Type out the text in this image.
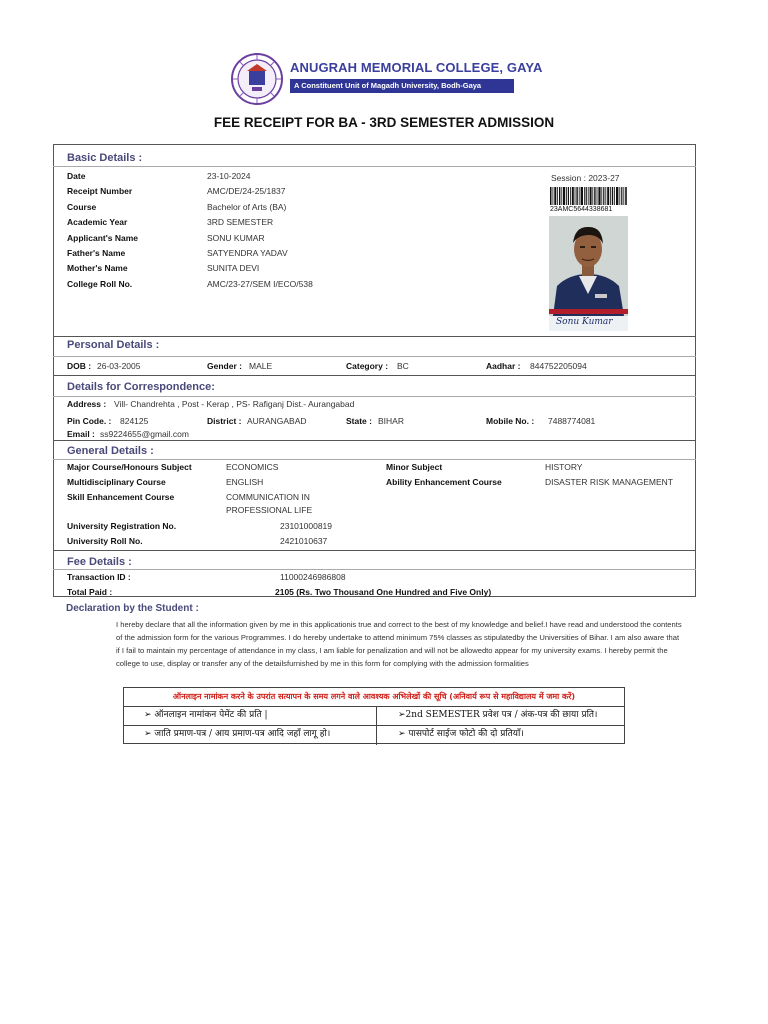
ANUGRAH MEMORIAL COLLEGE, GAYA
A Constituent Unit of Magadh University, Bodh-Gaya
FEE RECEIPT FOR BA - 3RD SEMESTER ADMISSION
Basic Details :
Date	23-10-2024
Receipt Number	AMC/DE/24-25/1837
Course	Bachelor of Arts (BA)
Academic Year	3RD SEMESTER
Applicant's Name	SONU KUMAR
Father's Name	SATYENDRA YADAV
Mother's Name	SUNITA DEVI
College Roll No.	AMC/23-27/SEM I/ECO/538
Session : 2023-27
23AMC5644338681
Sonu Kumar
Personal Details :
DOB : 26-03-2005	Gender : MALE	Category : BC	Aadhar : 844752205094
Details for Correspondence:
Address : Vill- Chandrehta , Post - Kerap , PS- Rafiganj Dist.- Aurangabad
Pin Code. : 824125	District : AURANGABAD	State : BIHAR	Mobile No. : 7488774081
Email : ss9224655@gmail.com
General Details :
Major Course/Honours Subject	ECONOMICS	Minor Subject	HISTORY
Multidisciplinary Course	ENGLISH	Ability Enhancement Course	DISASTER RISK MANAGEMENT
Skill Enhancement Course	COMMUNICATION IN
PROFESSIONAL LIFE
University Registration No.	23101000819
University Roll No.	2421010637
Fee Details :
Transaction ID :	11000246986808
Total Paid :	2105 (Rs. Two Thousand One Hundred and Five Only)
Declaration by the Student :
I hereby declare that all the information given by me in this applicationis true and correct to the best of my knowledge and belief.I have read and understood the contents of the admission form for the various Programmes. I do hereby undertake to attend minimum 75% classes as stipulatedby the Universities of Bihar. I am also aware that if I fail to maintain my percentage of attendance in my class, I am liable for penalization and will not be allowedto appear for my university exams. I hereby permit the college to use, display or transfer any of the detailsfurnished by me in this form for complying with the admission formalities
ऑनलाइन नामांकन करने के उपरांत सत्यापन के समय लगने वाले आवश्यक अभिलेखों की सूचि (अनिवार्य रूप से महाविद्यालय में जमा करें)
➢ ऑनलाइन नामांकन पेमेंट की प्रति |	➢2nd SEMESTER प्रवेश पत्र / अंक-पत्र की छाया प्रति।
➢ जाति प्रमाण-पत्र / आय प्रमाण-पत्र आदि जहाँ लागू हो।	➢ पासपोर्ट साईज फोटो की दो प्रतियाँ।
